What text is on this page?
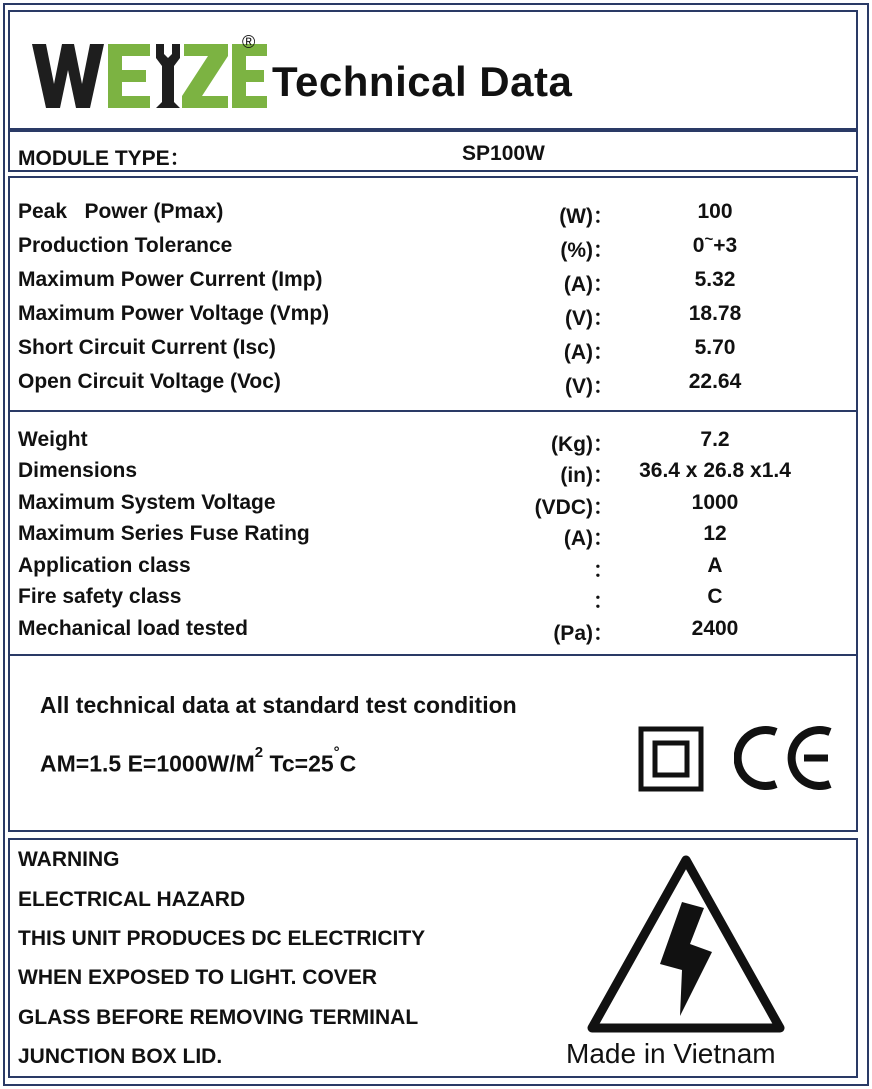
®
Technical Data
MODULE TYPE：	SP100W
Peak   Power (Pmax)	(W)：	100
Production Tolerance	(%)：	0~+3
Maximum Power Current (Imp)	(A)：	5.32
Maximum Power Voltage (Vmp)	(V)：	18.78
Short Circuit Current (Isc)	(A)：	5.70
Open Circuit Voltage (Voc)	(V)：	22.64
Weight	(Kg)：	7.2
Dimensions	(in)：	36.4 x 26.8 x1.4
Maximum System Voltage	(VDC)：	1000
Maximum Series Fuse Rating	(A)：	12
Application class	：	A
Fire safety class	：	C
Mechanical load tested	(Pa)：	2400
All technical data at standard test condition
AM=1.5 $E=1000W/M^2$ Tc=25°C
WARNING
ELECTRICAL HAZARD
THIS UNIT PRODUCES DC ELECTRICITY
WHEN EXPOSED TO LIGHT. COVER
GLASS BEFORE REMOVING TERMINAL
JUNCTION BOX LID.	Made in Vietnam
